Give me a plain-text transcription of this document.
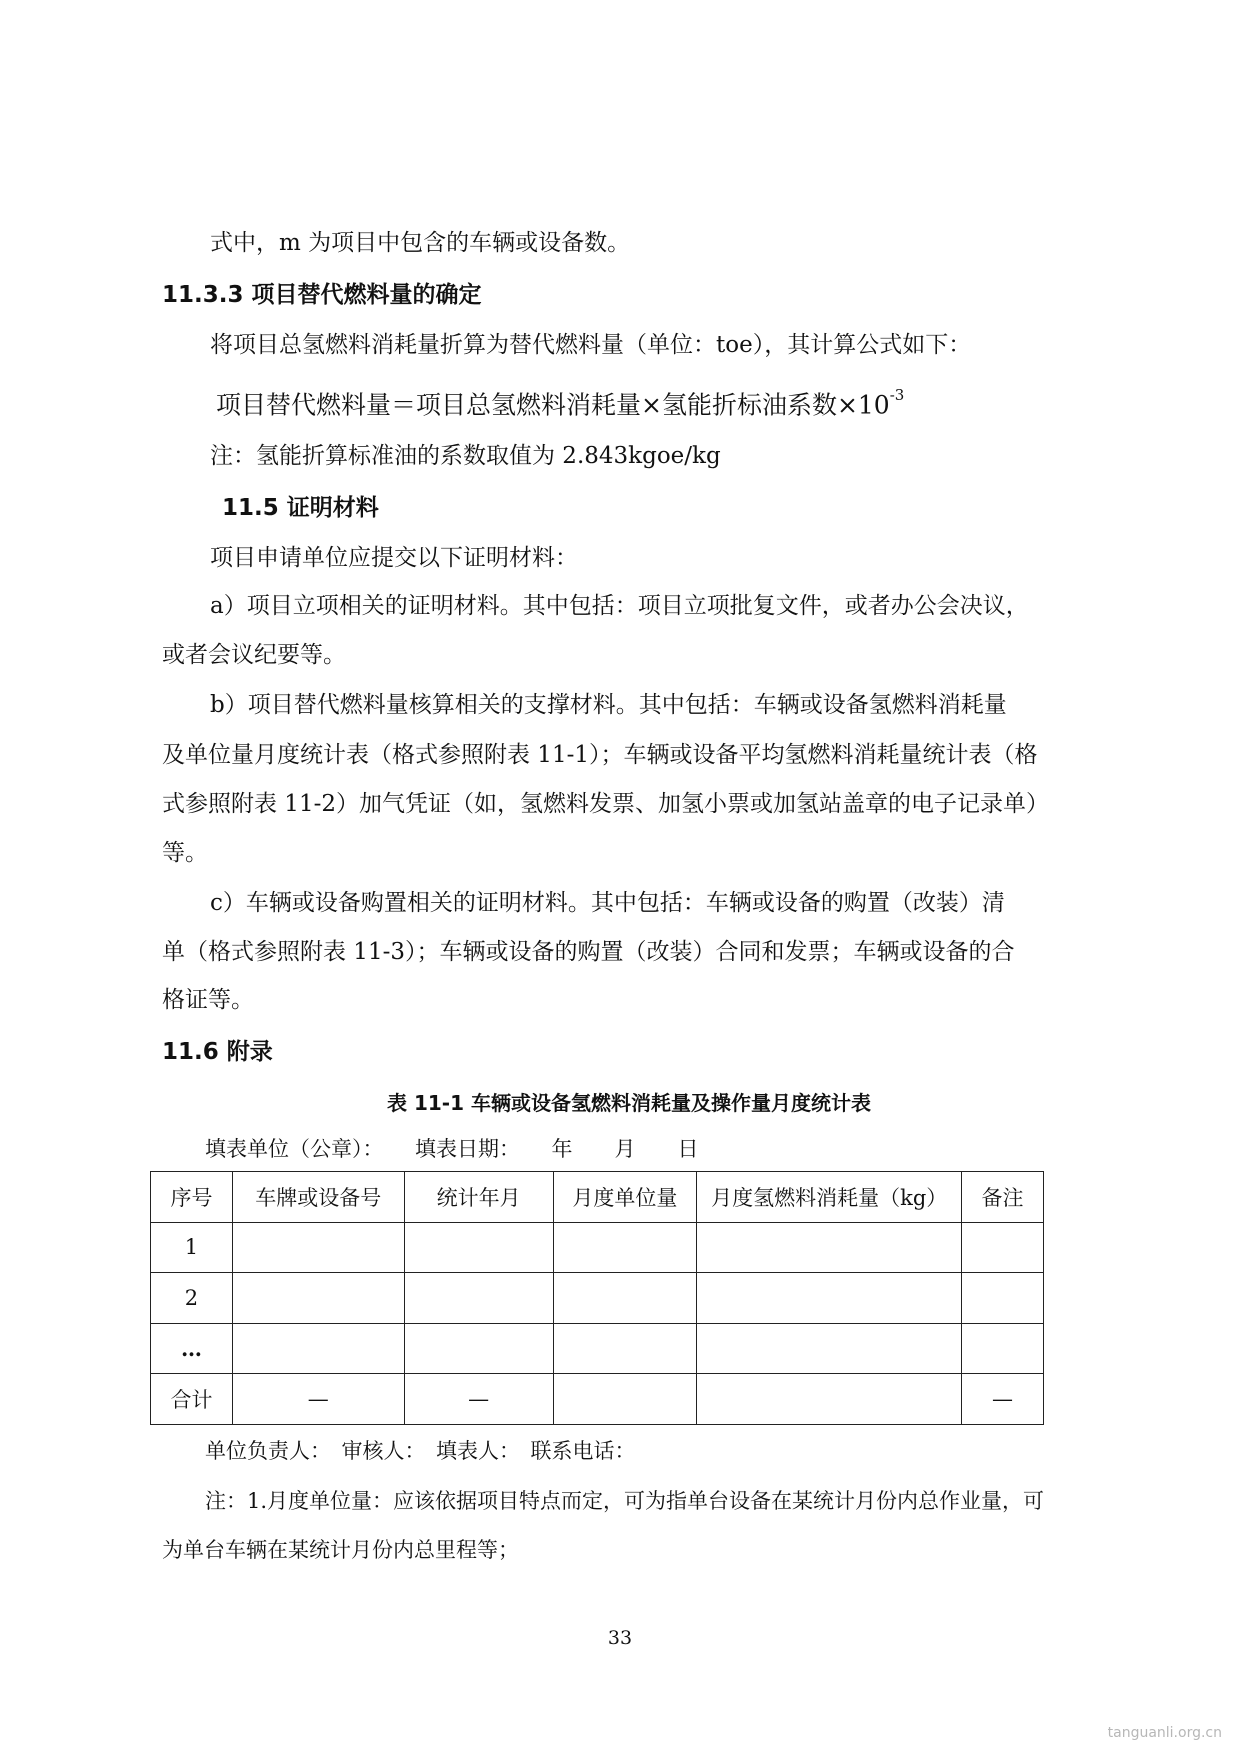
式中，m 为项目中包含的车辆或设备数。
11.3.3 项目替代燃料量的确定
将项目总氢燃料消耗量折算为替代燃料量（单位：toe），其计算公式如下：
项目替代燃料量＝项目总氢燃料消耗量×氢能折标油系数$\times 10^{-3}$
注：氢能折算标准油的系数取值为 2.843kgoe/kg
11.5 证明材料
项目申请单位应提交以下证明材料：
a）项目立项相关的证明材料。其中包括：项目立项批复文件，或者办公会决议，
或者会议纪要等。
b）项目替代燃料量核算相关的支撑材料。其中包括：车辆或设备氢燃料消耗量
及单位量月度统计表（格式参照附表 11-1）；车辆或设备平均氢燃料消耗量统计表（格
式参照附表 11-2）加气凭证（如，氢燃料发票、加氢小票或加氢站盖章的电子记录单）
等。
c）车辆或设备购置相关的证明材料。其中包括：车辆或设备的购置（改装）清
单（格式参照附表 11-3）；车辆或设备的购置（改装）合同和发票；车辆或设备的合
格证等。
11.6 附录
表 11-1 车辆或设备氢燃料消耗量及操作量月度统计表
填表单位（公章）：　　填表日期：　　年　　月　　日
序号	车牌或设备号	统计年月	月度单位量	月度氢燃料消耗量（kg）	备注
1					
2					
…					
合计	—	—			—
单位负责人：　审核人：　填表人：　联系电话：
注：1.月度单位量：应该依据项目特点而定，可为指单台设备在某统计月份内总作业量，可
为单台车辆在某统计月份内总里程等；
33
tanguanli.org.cn
